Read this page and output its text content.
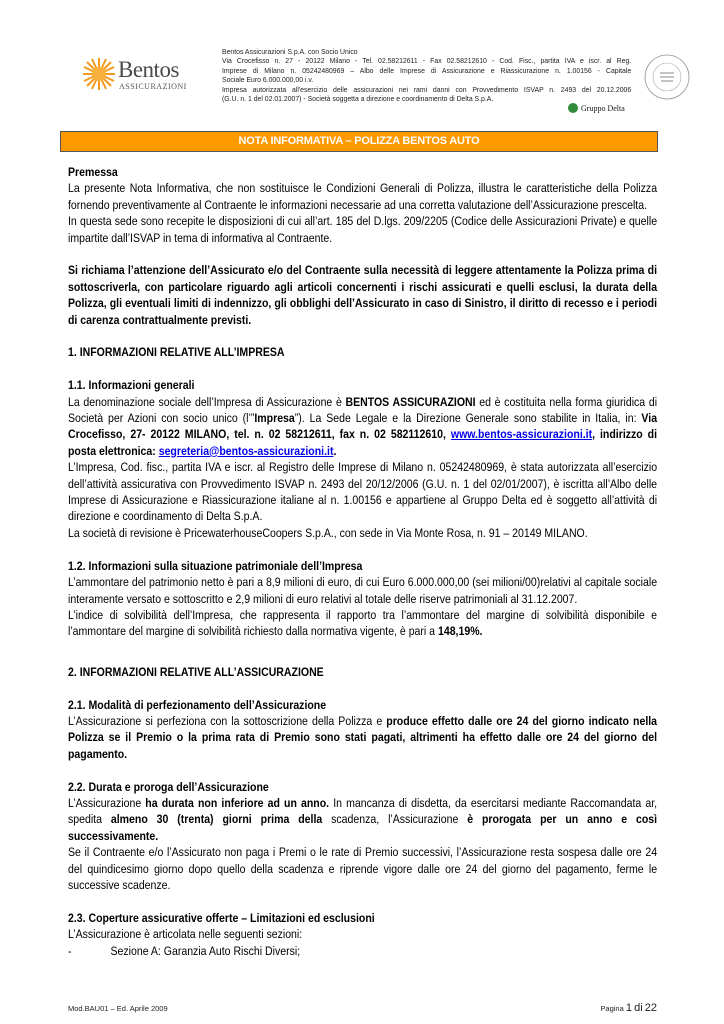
Bentos
ASSICURAZIONI
Bentos Assicurazioni S.p.A. con Socio Unico
Via Crocefisso n. 27 - 20122 Milano - Tel. 02.58212611 - Fax 02.58212610 - Cod. Fisc., partita IVA e iscr. al Reg.
Imprese di Milano n. 05242480969 – Albo delle Imprese di Assicurazione e Riassicurazione n. 1.00156 - Capitale
Sociale Euro 6.000.000,00 i.v.
Impresa autorizzata all'esercizio delle assicurazioni nei rami danni con Provvedimento ISVAP n. 2493 del 20.12.2006
(G.U. n. 1 del 02.01.2007) - Società soggetta a direzione e coordinamento di Delta S.p.A.
Gruppo Delta
NOTA INFORMATIVA – POLIZZA BENTOS AUTO

Premessa

La presente Nota Informativa, che non sostituisce le Condizioni Generali di Polizza, illustra le caratteristiche della Polizza fornendo preventivamente al Contraente le informazioni necessarie ad una corretta valutazione dell’Assicurazione prescelta.

In questa sede sono recepite le disposizioni di cui all’art. 185 del D.lgs. 209/2205 (Codice delle Assicurazioni Private) e quelle impartite dall’ISVAP in tema di informativa al Contraente.

Si richiama l’attenzione dell’Assicurato e/o del Contraente sulla necessità di leggere attentamente la Polizza prima di sottoscriverla, con particolare riguardo agli articoli concernenti i rischi assicurati e quelli esclusi, la durata della Polizza, gli eventuali limiti di indennizzo, gli obblighi dell’Assicurato in caso di Sinistro, il diritto di recesso e i periodi di carenza contrattualmente previsti.

1. INFORMAZIONI RELATIVE ALL’IMPRESA

1.1. Informazioni generali

La denominazione sociale dell’Impresa di Assicurazione è BENTOS ASSICURAZIONI ed è costituita nella forma giuridica di Società per Azioni con socio unico (l’”Impresa”). La Sede Legale e la Direzione Generale sono stabilite in Italia, in: Via Crocefisso, 27- 20122 MILANO, tel. n. 02 58212611, fax n. 02 582112610, www.bentos-assicurazioni.it, indirizzo di posta elettronica: segreteria@bentos-assicurazioni.it.

L’Impresa, Cod. fisc., partita IVA e iscr. al Registro delle Imprese di Milano n. 05242480969, è stata autorizzata all’esercizio dell’attività assicurativa con Provvedimento ISVAP n. 2493 del 20/12/2006 (G.U. n. 1 del 02/01/2007), è iscritta all’Albo delle Imprese di Assicurazione e Riassicurazione italiane al n. 1.00156 e appartiene al Gruppo Delta ed è soggetto all’attività di direzione e coordinamento di Delta S.p.A.

La società di revisione è PricewaterhouseCoopers S.p.A., con sede in Via Monte Rosa, n. 91 – 20149 MILANO.

1.2. Informazioni sulla situazione patrimoniale dell’Impresa

L’ammontare del patrimonio netto è pari a 8,9 milioni di euro, di cui Euro 6.000.000,00 (sei milioni/00)relativi al capitale sociale interamente versato e sottoscritto e 2,9 milioni di euro relativi al totale delle riserve patrimoniali al 31.12.2007.

L’indice di solvibilità dell’Impresa, che rappresenta il rapporto tra l’ammontare del margine di solvibilità disponibile e l’ammontare del margine di solvibilità richiesto dalla normativa vigente, è pari a 148,19%.

2. INFORMAZIONI RELATIVE ALL’ASSICURAZIONE

2.1. Modalità di perfezionamento dell’Assicurazione

L’Assicurazione si perfeziona con la sottoscrizione della Polizza e produce effetto dalle ore 24 del giorno indicato nella Polizza se il Premio o la prima rata di Premio sono stati pagati, altrimenti ha effetto dalle ore 24 del giorno del pagamento.

2.2. Durata e proroga dell’Assicurazione

L’Assicurazione ha durata non inferiore ad un anno. In mancanza di disdetta, da esercitarsi mediante Raccomandata ar, spedita almeno 30 (trenta) giorni prima della scadenza, l’Assicurazione è prorogata per un anno e così successivamente.

Se il Contraente e/o l’Assicurato non paga i Premi o le rate di Premio successivi, l’Assicurazione resta sospesa dalle ore 24 del quindicesimo giorno dopo quello della scadenza e riprende vigore dalle ore 24 del giorno del pagamento, ferme le successive scadenze.

2.3. Coperture assicurative offerte – Limitazioni ed esclusioni

L’Assicurazione è articolata nelle seguenti sezioni:

-	Sezione A: Garanzia Auto Rischi Diversi;
Mod.BAU01 – Ed. Aprile 2009	Pagina 1 di 22
